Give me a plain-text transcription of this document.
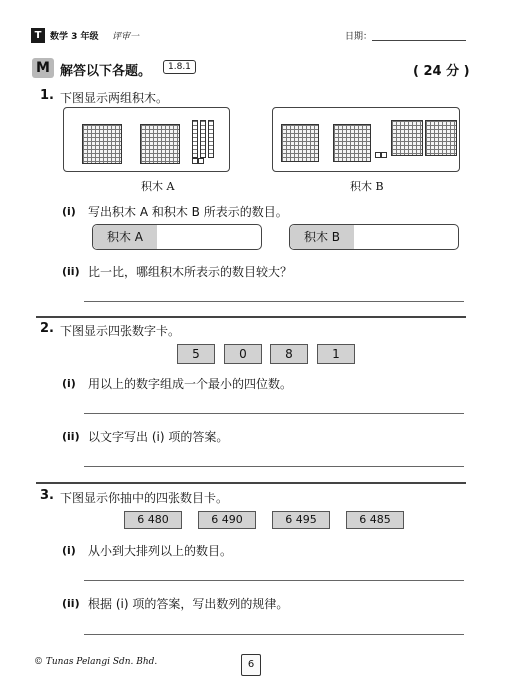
T 数学 3 年级 评审一	日期：
M 解答以下各题。	1.8.1	( 24 分 )
1. 下图显示两组积木。
积木 A	积木 B
(i) 写出积木 A 和积木 B 所表示的数目。
积木 A	积木 B
(ii) 比一比，哪组积木所表示的数目较大？
2. 下图显示四张数字卡。
5	0	8	1
(i) 用以上的数字组成一个最小的四位数。
(ii) 以文字写出 (i) 项的答案。
3. 下图显示你抽中的四张数目卡。
6 480	6 490	6 495	6 485
(i) 从小到大排列以上的数目。
(ii) 根据 (i) 项的答案，写出数列的规律。
© Tunas Pelangi Sdn. Bhd.	6
